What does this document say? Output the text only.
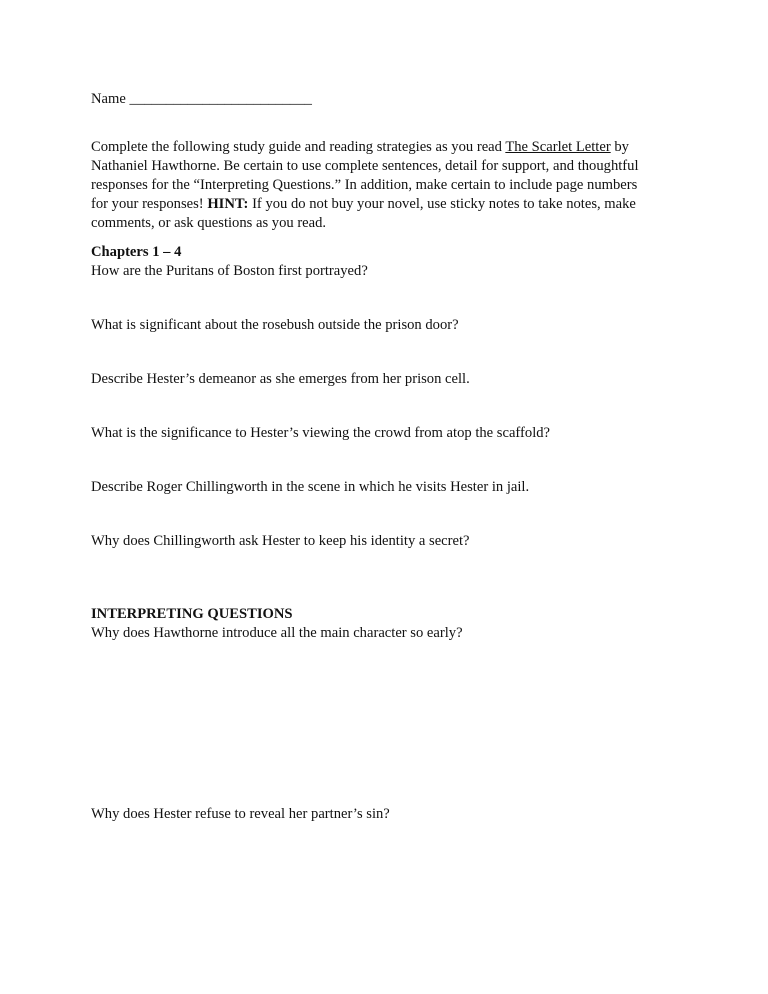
Name _________________________
Complete the following study guide and reading strategies as you read The Scarlet Letter by
Nathaniel Hawthorne. Be certain to use complete sentences, detail for support, and thoughtful
responses for the “Interpreting Questions.” In addition, make certain to include page numbers
for your responses! HINT: If you do not buy your novel, use sticky notes to take notes, make
comments, or ask questions as you read.
Chapters 1 – 4
How are the Puritans of Boston first portrayed?
What is significant about the rosebush outside the prison door?
Describe Hester’s demeanor as she emerges from her prison cell.
What is the significance to Hester’s viewing the crowd from atop the scaffold?
Describe Roger Chillingworth in the scene in which he visits Hester in jail.
Why does Chillingworth ask Hester to keep his identity a secret?
INTERPRETING QUESTIONS
Why does Hawthorne introduce all the main character so early?
Why does Hester refuse to reveal her partner’s sin?
